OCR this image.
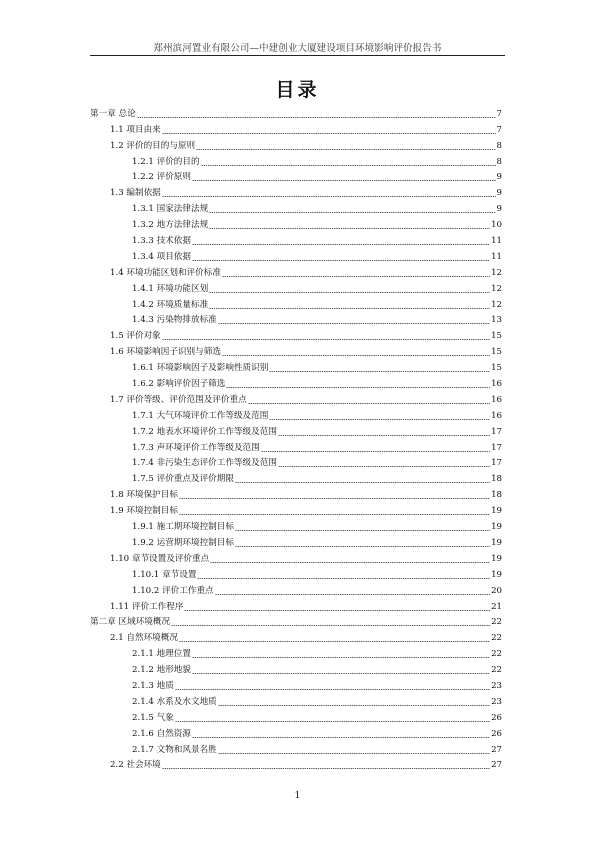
郑州滨河置业有限公司—中建创业大厦建设项目环境影响评价报告书
目录
第一章 总论	7
1.1 项目由来	7
1.2 评价的目的与原则	8
1.2.1 评价的目的	8
1.2.2 评价原则	9
1.3 编制依据	9
1.3.1 国家法律法规	9
1.3.2 地方法律法规	10
1.3.3 技术依据	11
1.3.4 项目依据	11
1.4 环境功能区划和评价标准	12
1.4.1 环境功能区划	12
1.4.2 环境质量标准	12
1.4.3 污染物排放标准	13
1.5 评价对象	15
1.6 环境影响因子识别与筛选	15
1.6.1 环境影响因子及影响性质识别	15
1.6.2 影响评价因子筛选	16
1.7 评价等级、评价范围及评价重点	16
1.7.1 大气环境评价工作等级及范围	16
1.7.2 地表水环境评价工作等级及范围	17
1.7.3 声环境评价工作等级及范围	17
1.7.4 非污染生态评价工作等级及范围	17
1.7.5 评价重点及评价期限	18
1.8 环境保护目标	18
1.9 环境控制目标	19
1.9.1 施工期环境控制目标	19
1.9.2 运营期环境控制目标	19
1.10 章节设置及评价重点	19
1.10.1 章节设置	19
1.10.2 评价工作重点	20
1.11 评价工作程序	21
第二章 区域环境概况	22
2.1 自然环境概况	22
2.1.1 地理位置	22
2.1.2 地形地貌	22
2.1.3 地质	23
2.1.4 水系及水文地质	23
2.1.5 气象	26
2.1.6 自然资源	26
2.1.7 文物和风景名胜	27
2.2 社会环境	27
1
